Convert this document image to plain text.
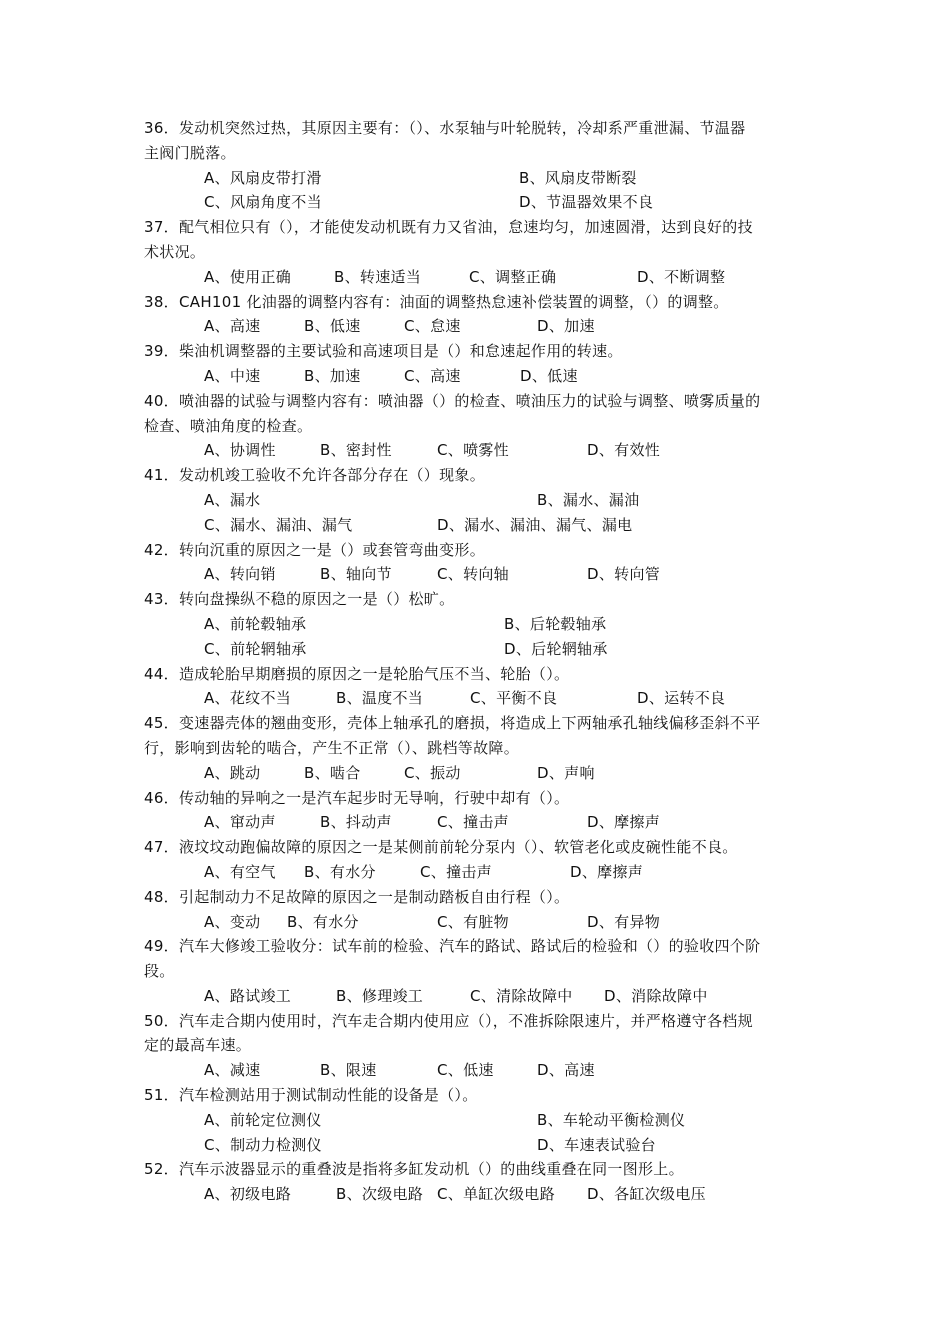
36．发动机突然过热，其原因主要有：（）、水泵轴与叶轮脱转，冷却系严重泄漏、节温器
主阀门脱落。
A、风扇皮带打滑	B、风扇皮带断裂
C、风扇角度不当	D、节温器效果不良
37．配气相位只有（），才能使发动机既有力又省油，怠速均匀，加速圆滑，达到良好的技
术状况。
A、使用正确	B、转速适当	C、调整正确	D、不断调整
38．CAH101 化油器的调整内容有：油面的调整热怠速补偿装置的调整，（）的调整。
A、高速	B、低速	C、怠速	D、加速
39．柴油机调整器的主要试验和高速项目是（）和怠速起作用的转速。
A、中速	B、加速	C、高速	D、低速
40．喷油器的试验与调整内容有：喷油器（）的检查、喷油压力的试验与调整、喷雾质量的
检查、喷油角度的检查。
A、协调性	B、密封性	C、喷雾性	D、有效性
41．发动机竣工验收不允许各部分存在（）现象。
A、漏水	B、漏水、漏油
C、漏水、漏油、漏气	D、漏水、漏油、漏气、漏电
42．转向沉重的原因之一是（）或套管弯曲变形。
A、转向销	B、轴向节	C、转向轴	D、转向管
43．转向盘操纵不稳的原因之一是（）松旷。
A、前轮毂轴承	B、后轮毂轴承
C、前轮辋轴承	D、后轮辋轴承
44．造成轮胎早期磨损的原因之一是轮胎气压不当、轮胎（）。
A、花纹不当	B、温度不当	C、平衡不良	D、运转不良
45．变速器壳体的翘曲变形，壳体上轴承孔的磨损，将造成上下两轴承孔轴线偏移歪斜不平
行，影响到齿轮的啮合，产生不正常（）、跳档等故障。
A、跳动	B、啮合	C、振动	D、声响
46．传动轴的异响之一是汽车起步时无导响，行驶中却有（）。
A、窜动声	B、抖动声	C、撞击声	D、摩擦声
47．液坟坟动跑偏故障的原因之一是某侧前前轮分泵内（）、软管老化或皮碗性能不良。
A、有空气 B、有水分	C、撞击声	D、摩擦声
48．引起制动力不足故障的原因之一是制动踏板自由行程（）。
A、变动 B、有水分	C、有脏物	D、有异物
49．汽车大修竣工验收分：试车前的检验、汽车的路试、路试后的检验和（）的验收四个阶
段。
A、路试竣工	B、修理竣工	C、清除故障中 D、消除故障中
50．汽车走合期内使用时，汽车走合期内使用应（），不准拆除限速片，并严格遵守各档规
定的最高车速。
A、减速	B、限速	C、低速	D、高速
51．汽车检测站用于测试制动性能的设备是（）。
A、前轮定位测仪	B、车轮动平衡检测仪
C、制动力检测仪	D、车速表试验台
52．汽车示波器显示的重叠波是指将多缸发动机（）的曲线重叠在同一图形上。
A、初级电路	B、次级电路 C、单缸次级电路 D、各缸次级电压
